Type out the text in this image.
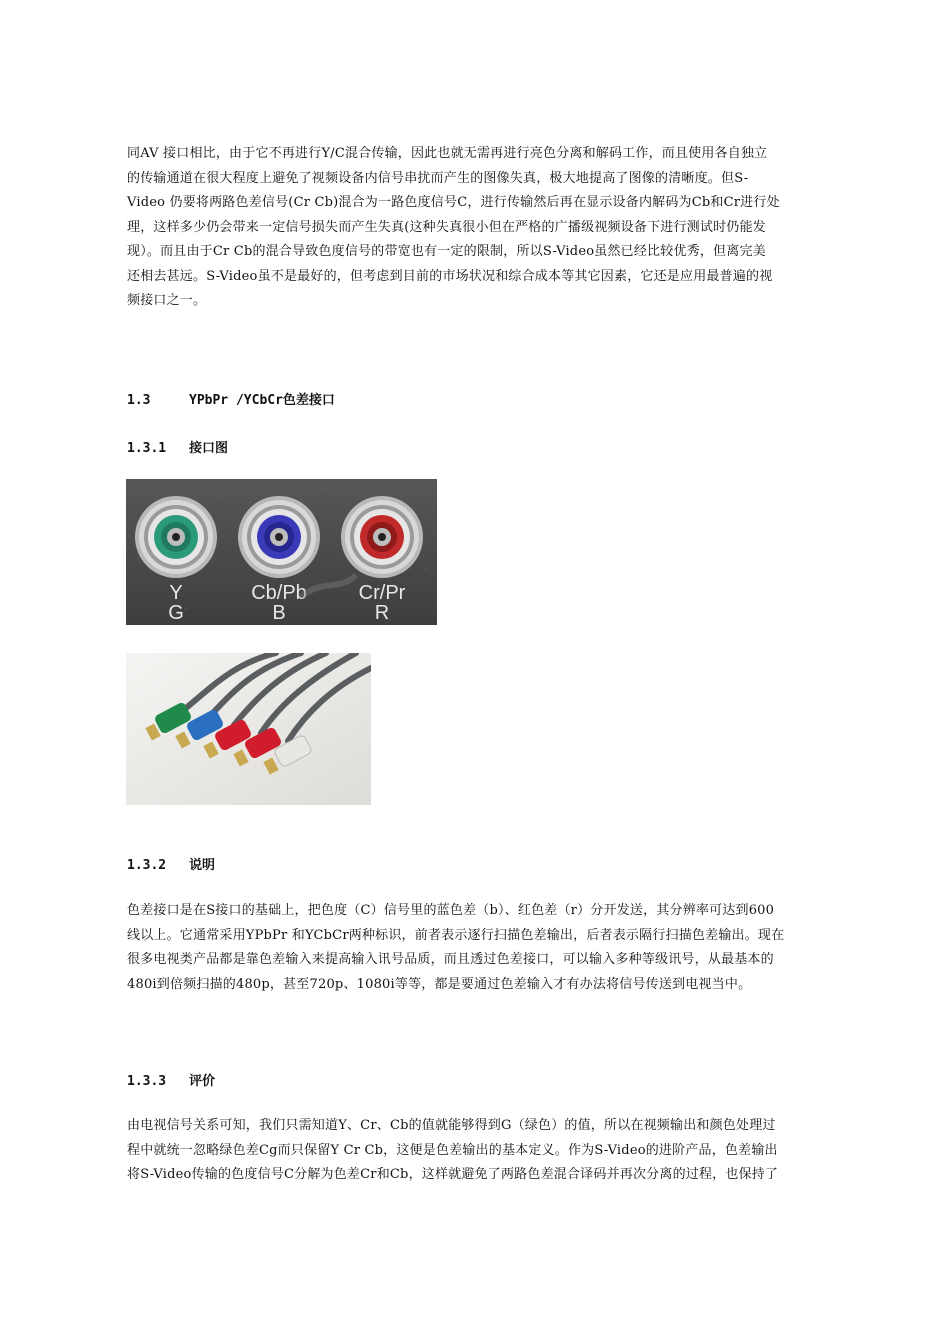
同AV 接口相比，由于它不再进行Y/C混合传输，因此也就无需再进行亮色分离和解码工作，而且使用各自独立
的传输通道在很大程度上避免了视频设备内信号串扰而产生的图像失真，极大地提高了图像的清晰度。但S-
Video 仍要将两路色差信号(Cr Cb)混合为一路色度信号C，进行传输然后再在显示设备内解码为Cb和Cr进行处
理，这样多少仍会带来一定信号损失而产生失真(这种失真很小但在严格的广播级视频设备下进行测试时仍能发
现）。而且由于Cr Cb的混合导致色度信号的带宽也有一定的限制，所以S-Video虽然已经比较优秀，但离完美
还相去甚远。S-Video虽不是最好的，但考虑到目前的市场状况和综合成本等其它因素，它还是应用最普遍的视
频接口之一。

1.3	YPbPr /YCbCr色差接口

1.3.1 接口图

Y
G
Cb/Pb
B
Cr/Pr
R

1.3.2 说明

色差接口是在S接口的基础上，把色度（C）信号里的蓝色差（b）、红色差（r）分开发送，其分辨率可达到600
线以上。它通常采用YPbPr 和YCbCr两种标识，前者表示逐行扫描色差输出，后者表示隔行扫描色差输出。现在
很多电视类产品都是靠色差输入来提高输入讯号品质，而且透过色差接口，可以输入多种等级讯号，从最基本的
480i到倍频扫描的480p，甚至720p、1080i等等，都是要通过色差输入才有办法将信号传送到电视当中。

1.3.3 评价

由电视信号关系可知，我们只需知道Y、Cr、Cb的值就能够得到G（绿色）的值，所以在视频输出和颜色处理过
程中就统一忽略绿色差Cg而只保留Y Cr Cb，这便是色差输出的基本定义。作为S-Video的进阶产品，色差输出
将S-Video传输的色度信号C分解为色差Cr和Cb，这样就避免了两路色差混合译码并再次分离的过程，也保持了
